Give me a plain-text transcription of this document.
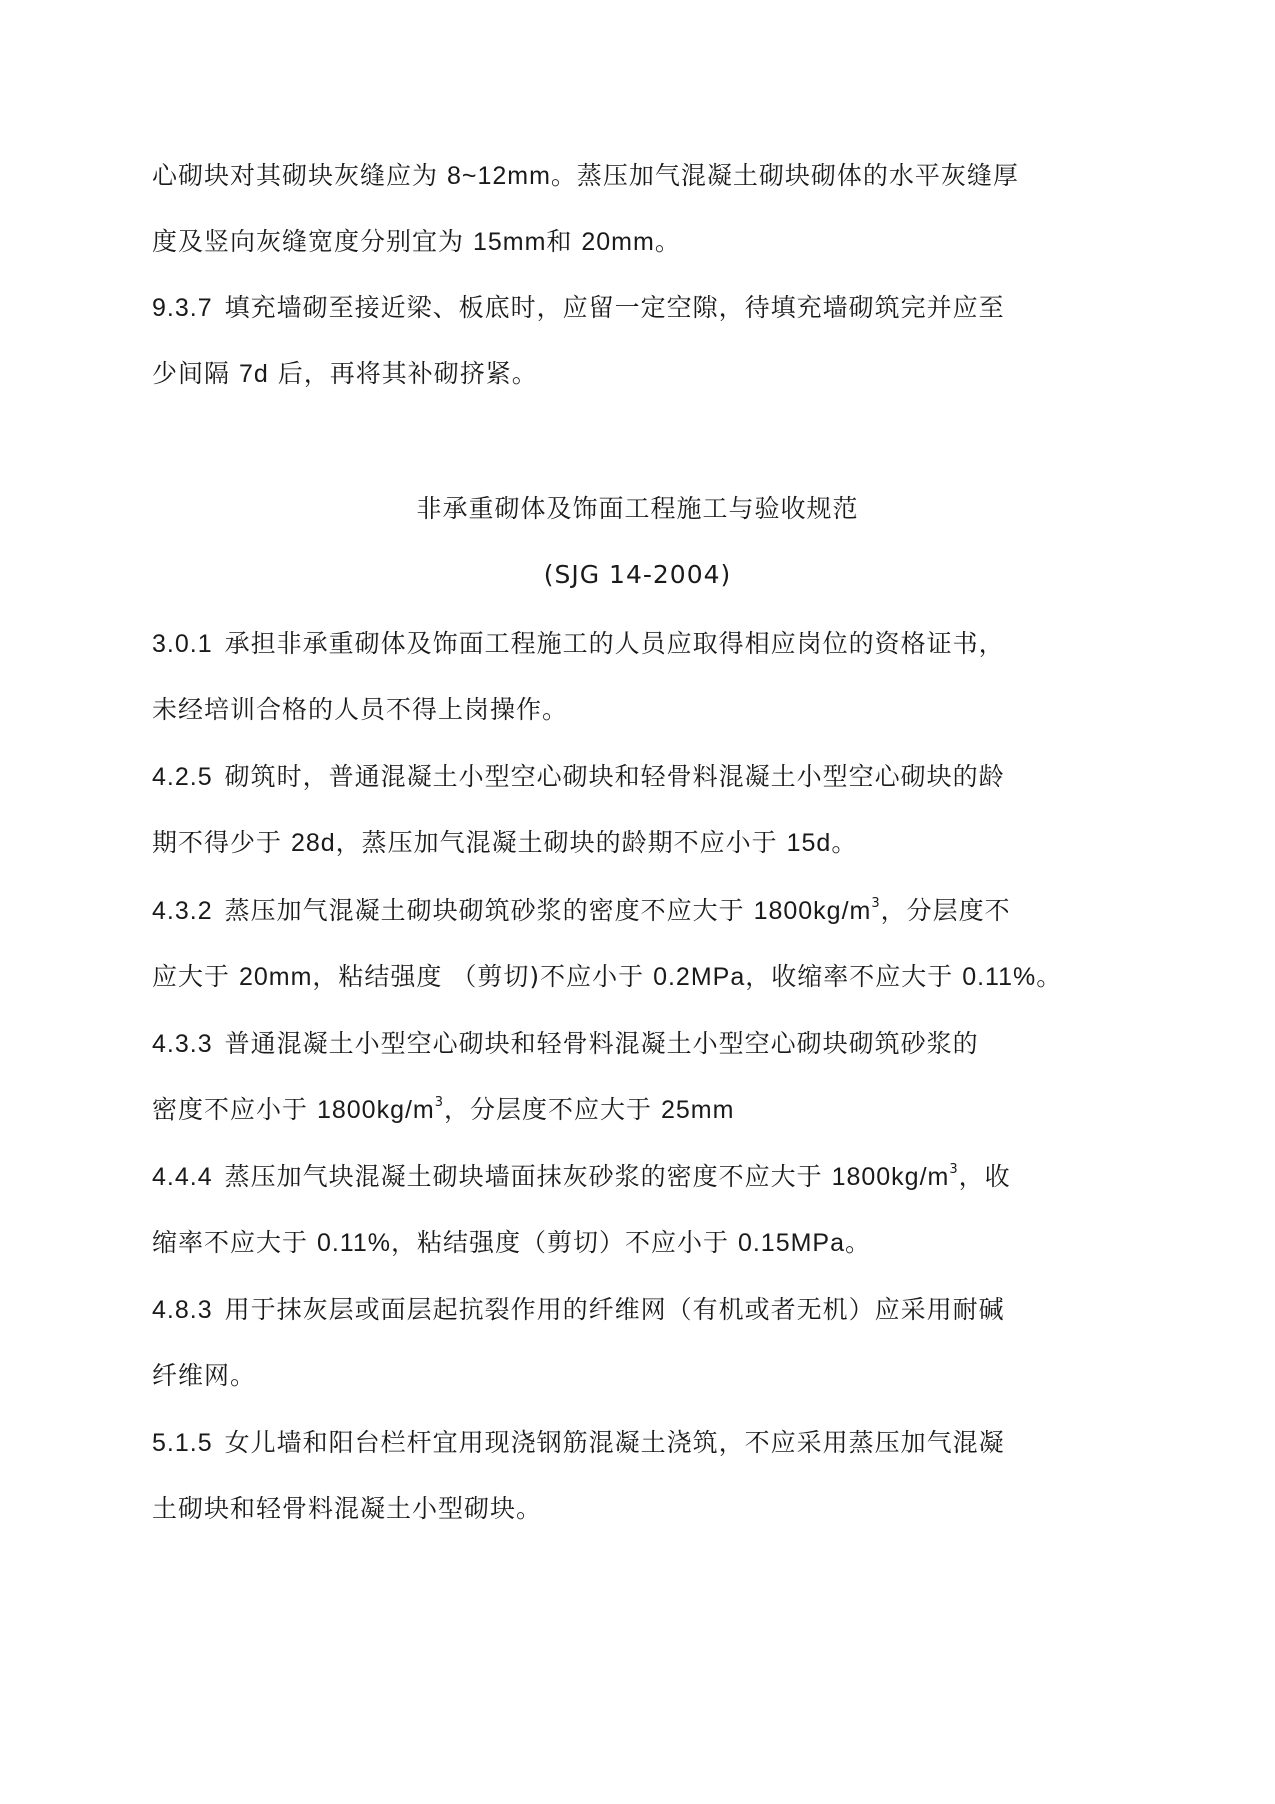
心砌块对其砌块灰缝应为 8~12mm。蒸压加气混凝土砌块砌体的水平灰缝厚
度及竖向灰缝宽度分别宜为 15mm和 20mm。
9.3.7 填充墙砌至接近梁、板底时，应留一定空隙，待填充墙砌筑完并应至
少间隔 7d 后，再将其补砌挤紧。
非承重砌体及饰面工程施工与验收规范
(SJG 14-2004)
3.0.1 承担非承重砌体及饰面工程施工的人员应取得相应岗位的资格证书，
未经培训合格的人员不得上岗操作。
4.2.5 砌筑时，普通混凝土小型空心砌块和轻骨料混凝土小型空心砌块的龄
期不得少于 28d，蒸压加气混凝土砌块的龄期不应小于 15d。
4.3.2 蒸压加气混凝土砌块砌筑砂浆的密度不应大于 $1800kg/m^3$，分层度不
应大于 20mm，粘结强度 （剪切)不应小于 0.2MPa，收缩率不应大于 0.11%。
4.3.3 普通混凝土小型空心砌块和轻骨料混凝土小型空心砌块砌筑砂浆的
密度不应小于 $1800kg/m^3$，分层度不应大于 25mm
4.4.4 蒸压加气块混凝土砌块墙面抹灰砂浆的密度不应大于 $1800kg/m^3$，收
缩率不应大于 0.11%，粘结强度（剪切）不应小于 0.15MPa。
4.8.3 用于抹灰层或面层起抗裂作用的纤维网（有机或者无机）应采用耐碱
纤维网。
5.1.5 女儿墙和阳台栏杆宜用现浇钢筋混凝土浇筑，不应采用蒸压加气混凝
土砌块和轻骨料混凝土小型砌块。
